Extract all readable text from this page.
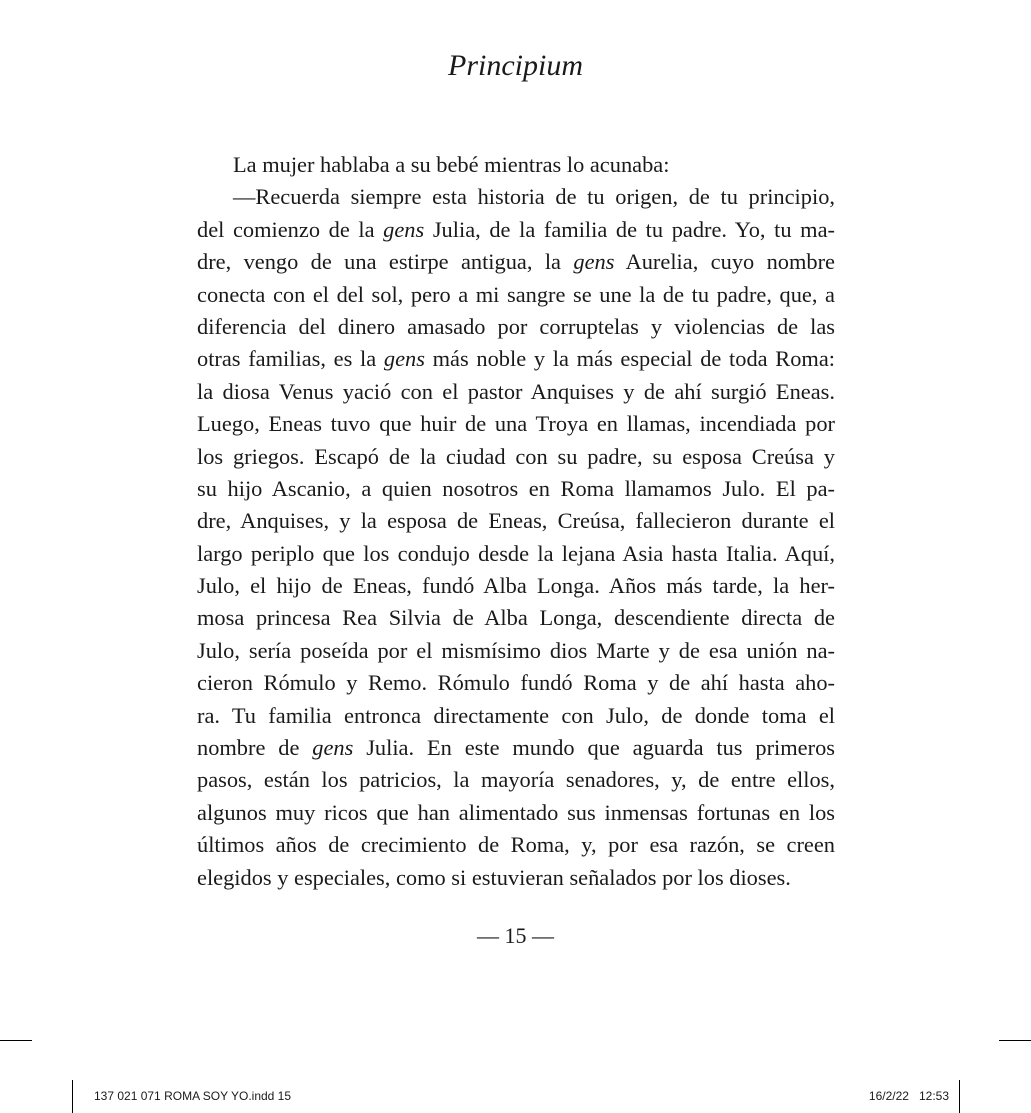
Principium
La mujer hablaba a su bebé mientras lo acunaba:
—Recuerda siempre esta historia de tu origen, de tu principio,
del comienzo de la gens Julia, de la familia de tu padre. Yo, tu ma-
dre, vengo de una estirpe antigua, la gens Aurelia, cuyo nombre
conecta con el del sol, pero a mi sangre se une la de tu padre, que, a
diferencia del dinero amasado por corruptelas y violencias de las
otras familias, es la gens más noble y la más especial de toda Roma:
la diosa Venus yació con el pastor Anquises y de ahí surgió Eneas.
Luego, Eneas tuvo que huir de una Troya en llamas, incendiada por
los griegos. Escapó de la ciudad con su padre, su esposa Creúsa y
su hijo Ascanio, a quien nosotros en Roma llamamos Julo. El pa-
dre, Anquises, y la esposa de Eneas, Creúsa, fallecieron durante el
largo periplo que los condujo desde la lejana Asia hasta Italia. Aquí,
Julo, el hijo de Eneas, fundó Alba Longa. Años más tarde, la her-
mosa princesa Rea Silvia de Alba Longa, descendiente directa de
Julo, sería poseída por el mismísimo dios Marte y de esa unión na-
cieron Rómulo y Remo. Rómulo fundó Roma y de ahí hasta aho-
ra. Tu familia entronca directamente con Julo, de donde toma el
nombre de gens Julia. En este mundo que aguarda tus primeros
pasos, están los patricios, la mayoría senadores, y, de entre ellos,
algunos muy ricos que han alimentado sus inmensas fortunas en los
últimos años de crecimiento de Roma, y, por esa razón, se creen
elegidos y especiales, como si estuvieran señalados por los dioses.
— 15 —
137 021 071 ROMA SOY YO.indd 15	16/2/22 12:53
